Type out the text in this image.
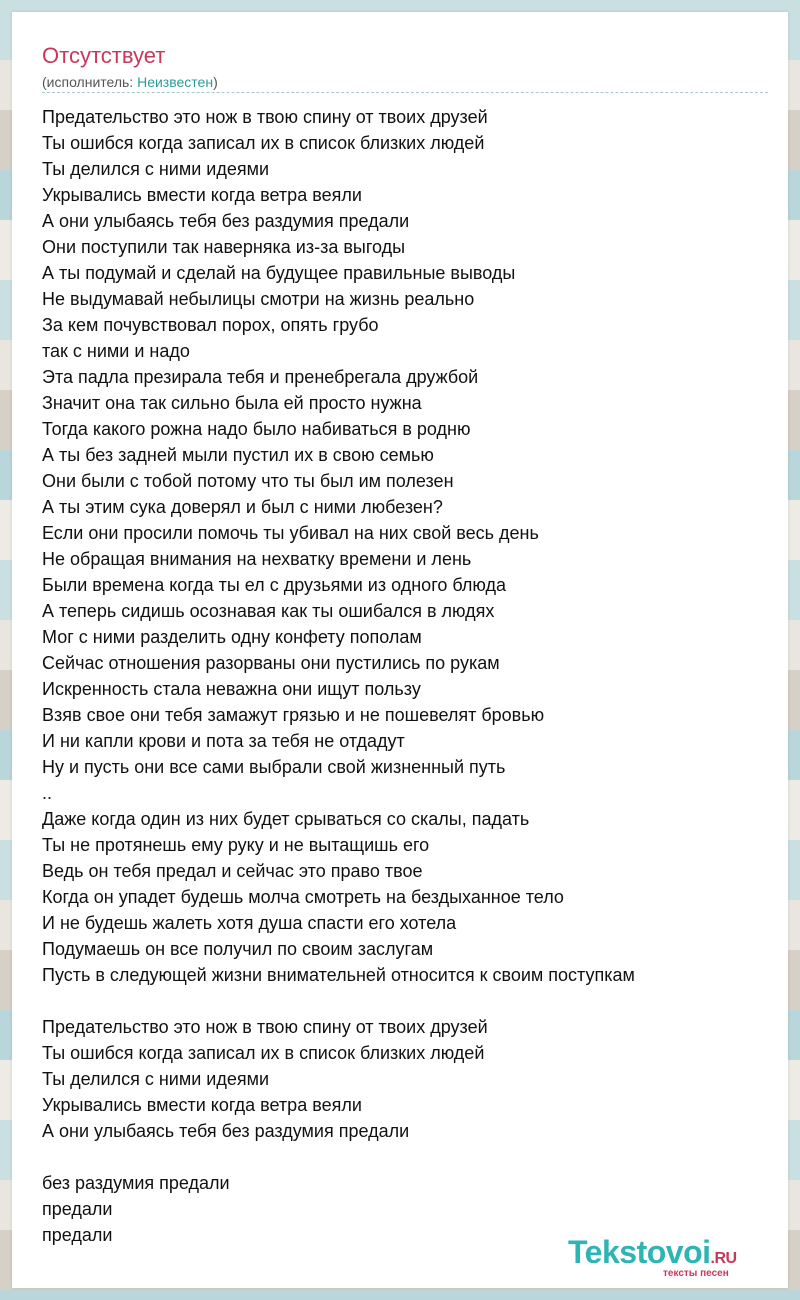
Отсутствует
(исполнитель: Неизвестен)
Предательство это нож в твою спину от твоих друзей
Ты ошибся когда записал их в список близких людей
Ты делился с ними идеями
Укрывались вмести когда ветра веяли
А они улыбаясь тебя без раздумия предали
Они поступили так наверняка из-за выгоды
А ты подумай и сделай на будущее правильные выводы
Не выдумавай небылицы смотри на жизнь реально
За кем почувствовал порох, опять грубо
так с ними и надо
Эта падла презирала тебя и пренебрегала дружбой
Значит она так сильно была ей просто нужна
Тогда какого рожна надо было набиваться в родню
А ты без задней мыли пустил их в свою семью
Они были с тобой потому что ты был им полезен
А ты этим сука доверял и был с ними любезен?
Если они просили помочь ты убивал на них свой весь день
Не обращая внимания на нехватку времени и лень
Были времена когда ты ел с друзьями из одного блюда
А теперь сидишь осознавая как ты ошибался в людях
Мог с ними разделить одну конфету пополам
Сейчас отношения разорваны они пустились по рукам
Искренность стала неважна они ищут пользу
Взяв свое они тебя замажут грязью и не пошевелят бровью
И ни капли крови и пота за тебя не отдадут
Ну и пусть они все сами выбрали свой жизненный путь
..
Даже когда один из них будет срываться со скалы, падать
Ты не протянешь ему руку и не вытащишь его
Ведь он тебя предал и сейчас это право твое
Когда он упадет будешь молча смотреть на бездыханное тело
И не будешь жалеть хотя душа спасти его хотела
Подумаешь он все получил по своим заслугам
Пусть в следующей жизни внимательней относится к своим поступкам
Предательство это нож в твою спину от твоих друзей
Ты ошибся когда записал их в список близких людей
Ты делился с ними идеями
Укрывались вмести когда ветра веяли
А они улыбаясь тебя без раздумия предали
без раздумия предали
предали
предали	Tekstovoi.RU
тексты песен
